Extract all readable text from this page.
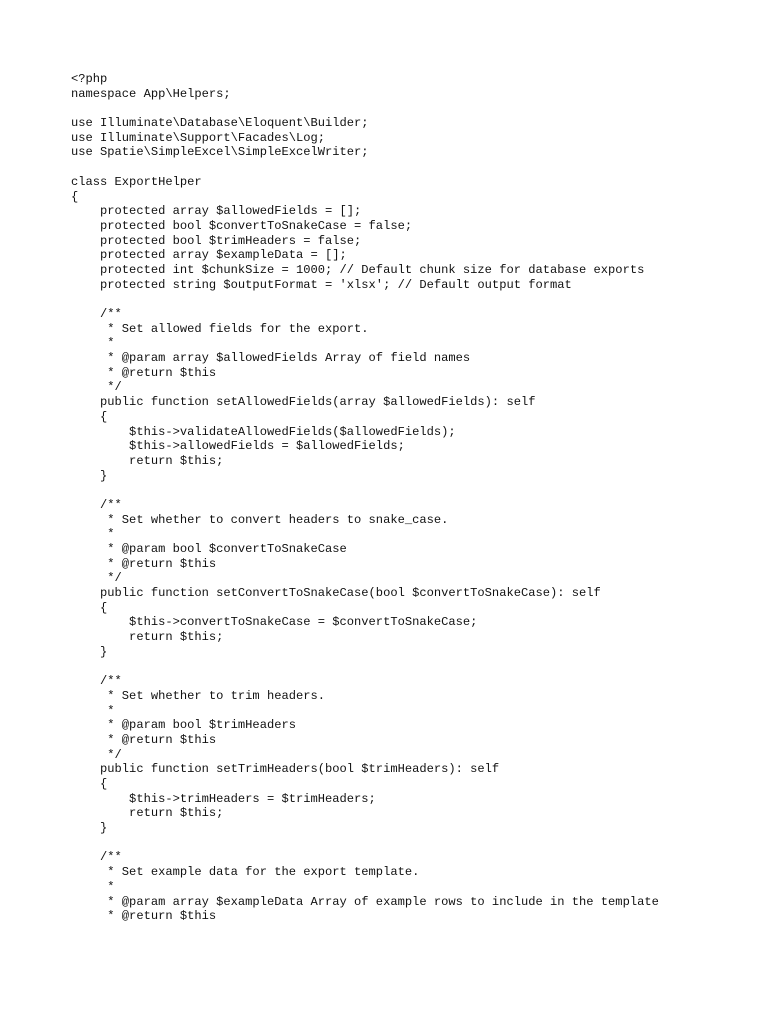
<?php
namespace App\Helpers;
use Illuminate\Database\Eloquent\Builder;
use Illuminate\Support\Facades\Log;
use Spatie\SimpleExcel\SimpleExcelWriter;
class ExportHelper
{
protected array $allowedFields = [];
protected bool $convertToSnakeCase = false;
protected bool $trimHeaders = false;
protected array $exampleData = [];
protected int $chunkSize = 1000; // Default chunk size for database exports
protected string $outputFormat = 'xlsx'; // Default output format
/**
* Set allowed fields for the export.
*
* @param array $allowedFields Array of field names
* @return $this
*/
public function setAllowedFields(array $allowedFields): self
{
$this->validateAllowedFields($allowedFields);
$this->allowedFields = $allowedFields;
return $this;
}
/**
* Set whether to convert headers to snake_case.
*
* @param bool $convertToSnakeCase
* @return $this
*/
public function setConvertToSnakeCase(bool $convertToSnakeCase): self
{
$this->convertToSnakeCase = $convertToSnakeCase;
return $this;
}
/**
* Set whether to trim headers.
*
* @param bool $trimHeaders
* @return $this
*/
public function setTrimHeaders(bool $trimHeaders): self
{
$this->trimHeaders = $trimHeaders;
return $this;
}
/**
* Set example data for the export template.
*
* @param array $exampleData Array of example rows to include in the template
* @return $this
